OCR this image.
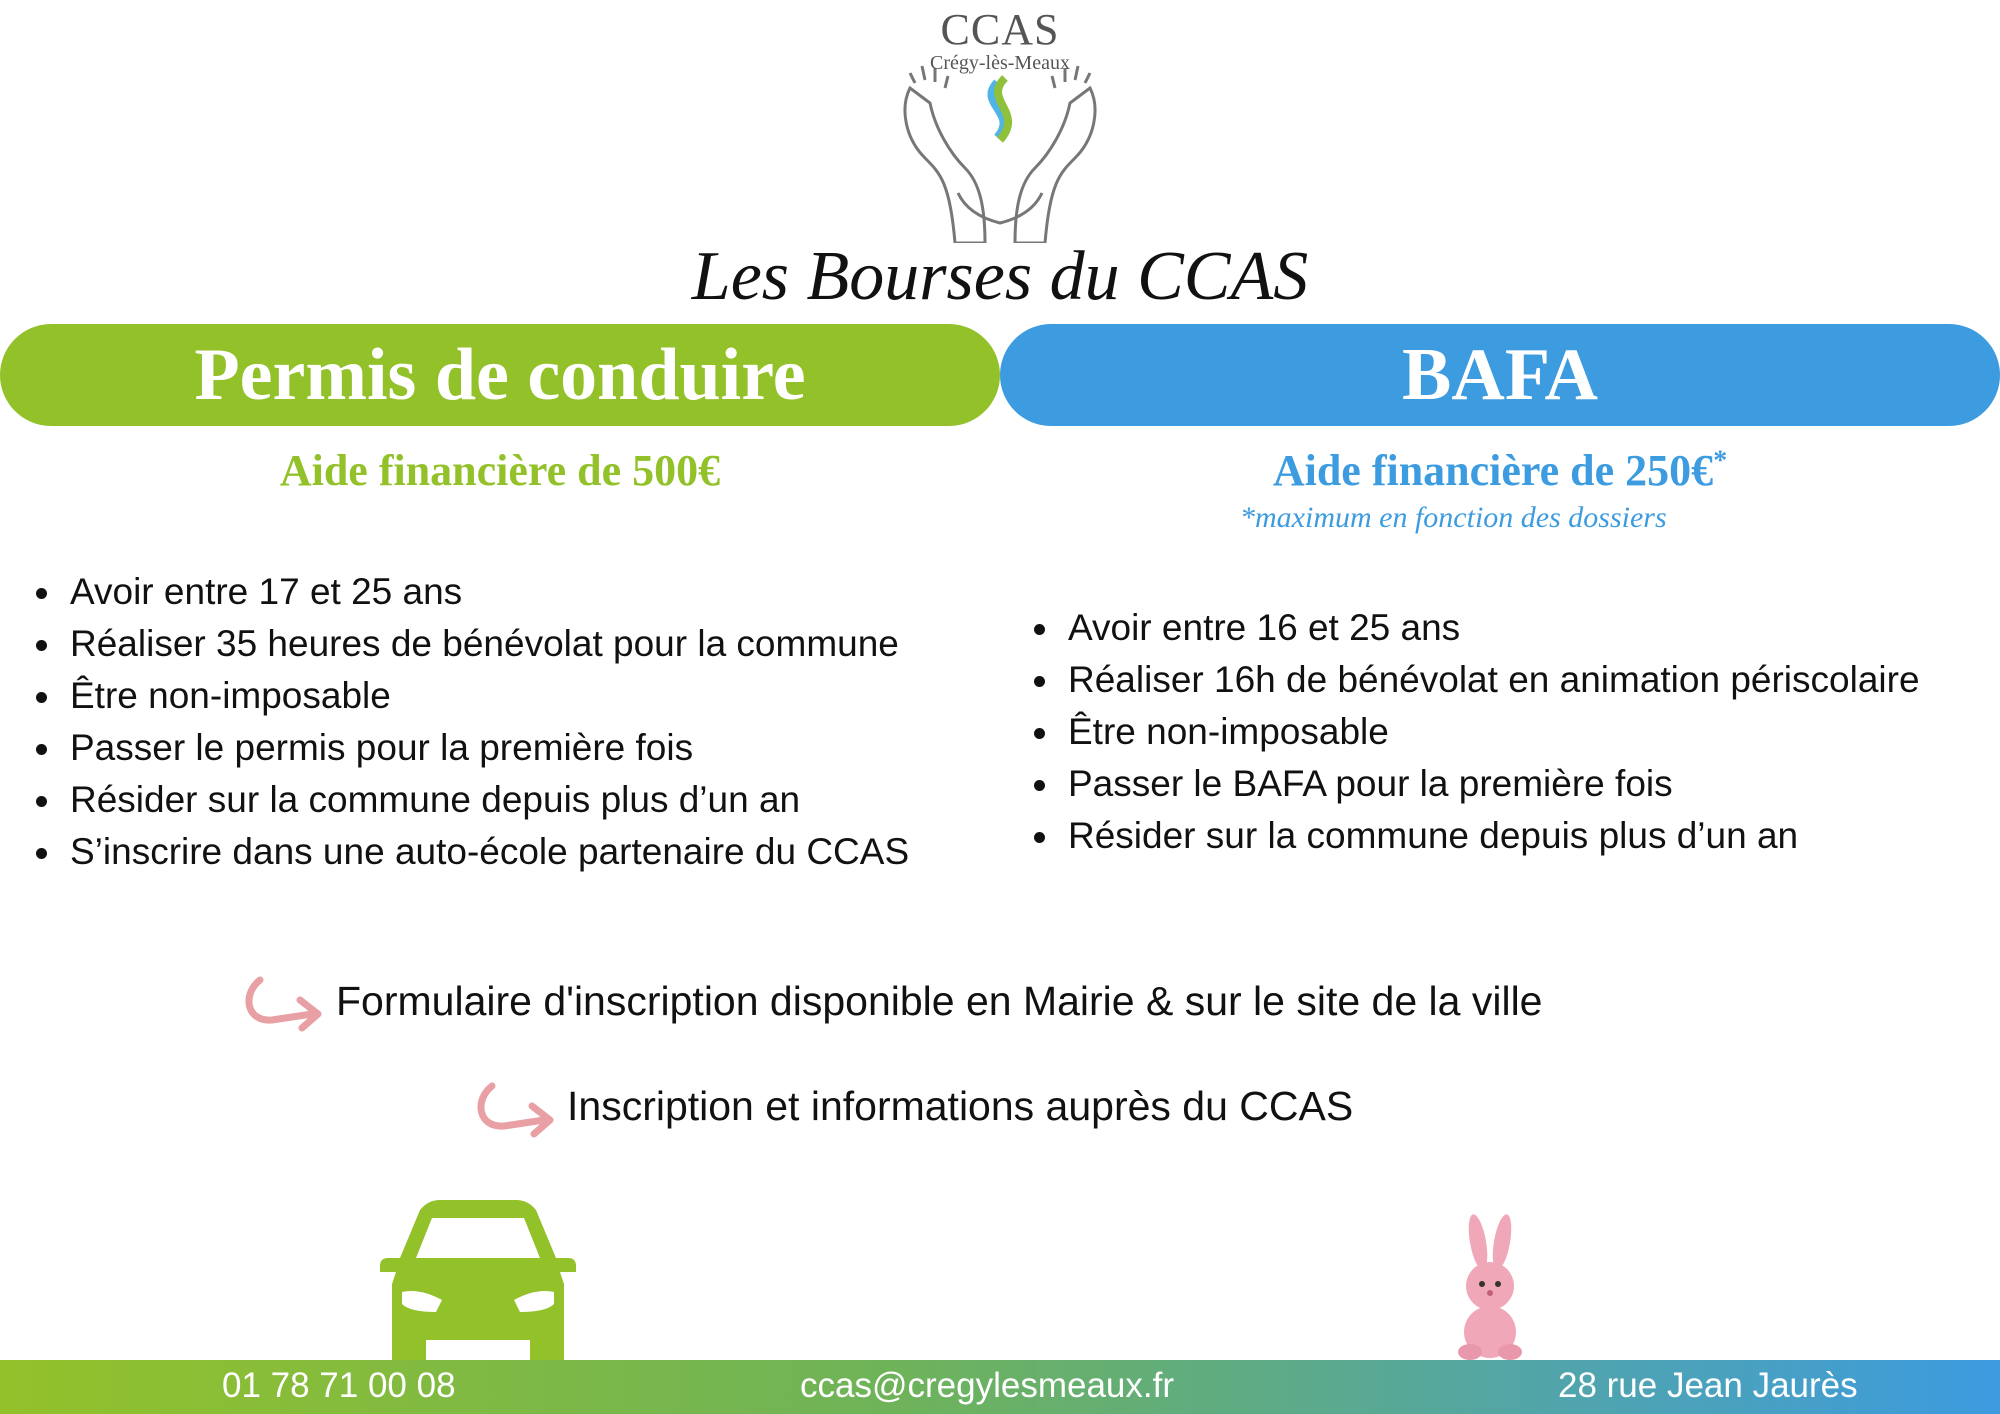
CCAS
Crégy-lès-Meaux
Les Bourses du CCAS
Permis de conduire	BAFA
Aide financière de 500€	Aide financière de 250€*
*maximum en fonction des dossiers
Avoir entre 17 et 25 ans
Réaliser 35 heures de bénévolat pour la commune
Être non-imposable
Passer le permis pour la première fois
Résider sur la commune depuis plus d’un an
S’inscrire dans une auto-école partenaire du CCAS
Avoir entre 16 et 25 ans
Réaliser 16h de bénévolat en animation périscolaire
Être non-imposable
Passer le BAFA pour la première fois
Résider sur la commune depuis plus d’un an
Formulaire d'inscription disponible en Mairie & sur le site de la ville
Inscription et informations auprès du CCAS
01 78 71 00 08	ccas@cregylesmeaux.fr	28 rue Jean Jaurès
